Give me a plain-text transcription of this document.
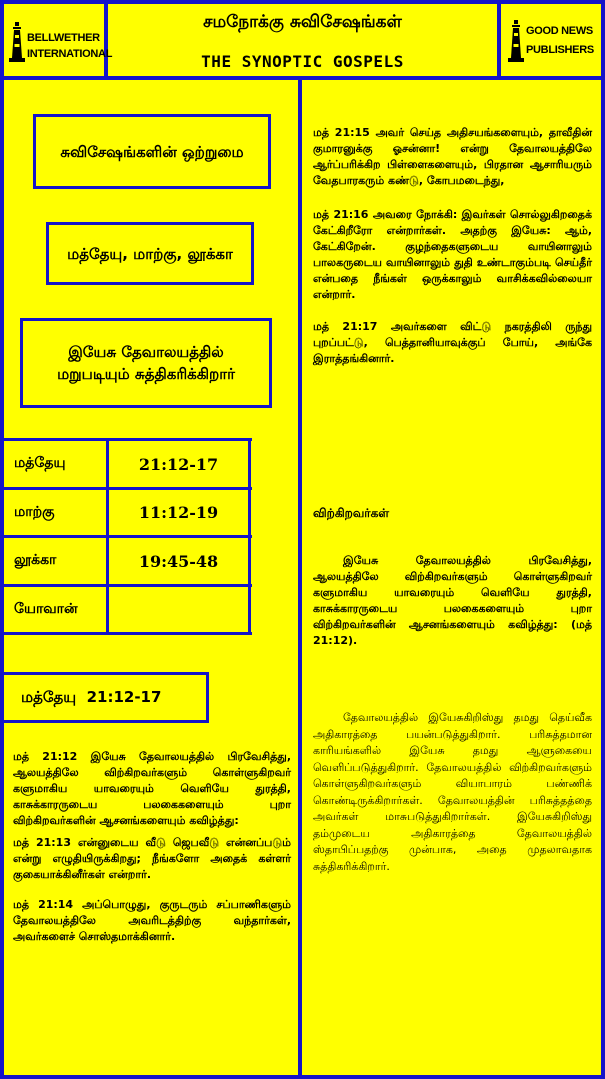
BELLWETHER
INTERNATIONAL
சமநோக்கு சுவிசேஷங்கள்
THE SYNOPTIC GOSPELS
GOOD NEWS
PUBLISHERS
சுவிசேஷங்களின் ஒற்றுமை
மத்தேயு, மாற்கு, லூக்கா
இயேசு தேவாலயத்தில் மறுபடியும் சுத்திகரிக்கிறார்
மத்தேயு	21:12-17
மாற்கு	11:12-19
லூக்கா	19:45-48
யோவான்
மத்தேயு  21:12-17

மத் 21:12 இயேசு தேவாலயத்தில் பிரவேசித்து, ஆலயத்திலே விற்கிறவர்களும் கொள்ளுகிறவர் களுமாகிய யாவரையும் வெளியே துரத்தி, காசுக்காரருடைய பலகைகளையும் புறா விற்கிறவர்களின் ஆசனங்களையும் கவிழ்த்து:

மத் 21:13 என்னுடைய வீடு ஜெபவீடு என்னப்படும் என்று எழுதியிருக்கிறது; நீங்களோ அதைக் கள்ளர் குகையாக்கினீர்கள் என்றார்.

மத் 21:14 அப்பொழுது, குருடரும் சப்பாணிகளும் தேவாலயத்திலே அவரிடத்திற்கு வந்தார்கள், அவர்களைச் சொஸ்தமாக்கினார்.

மத் 21:15 அவர் செய்த அதிசயங்களையும், தாவீதின் குமாரனுக்கு ஓசன்னா! என்று தேவாலயத்திலே ஆர்ப்பரிக்கிற பிள்ளைகளையும், பிரதான ஆசாரியரும் வேதபாரகரும் கண்டு, கோபமடைந்து,

மத் 21:16 அவரை நோக்கி: இவர்கள் சொல்லுகிறதைக் கேட்கிறீரோ என்றார்கள். அதற்கு இயேசு: ஆம், கேட்கிறேன். குழந்தைகளுடைய வாயினாலும் பாலகருடைய வாயினாலும் துதி உண்டாகும்படி செய்தீர் என்பதை நீங்கள் ஒருக்காலும் வாசிக்கவில்லையா என்றார்.

மத் 21:17 அவர்களை விட்டு நகரத்திலி ருந்து புறப்பட்டு, பெத்தானியாவுக்குப் போய், அங்கே இராத்தங்கினார்.

விற்கிறவர்கள்

இயேசு தேவாலயத்தில் பிரவேசித்து, ஆலயத்திலே விற்கிறவர்களும் கொள்ளுகிறவர் களுமாகிய யாவரையும் வெளியே துரத்தி, காசுக்காரருடைய பலகைகளையும் புறா விற்கிறவர்களின் ஆசனங்களையும் கவிழ்த்து: (மத் 21:12).

தேவாலயத்தில் இயேசுகிறிஸ்து தமது தெய்வீக அதிகாரத்தை பயன்படுத்துகிறார். பரிசுத்தமான காரியங்களில் இயேசு தமது ஆளுகையை வெளிப்படுத்துகிறார். தேவாலயத்தில் விற்கிறவர்களும் கொள்ளுகிறவர்களும் வியாபாரம் பண்ணிக் கொண்டிருக்கிறார்கள். தேவாலயத்தின் பரிசுத்தத்தை அவர்கள் மாசுபடுத்துகிறார்கள். இயேசுகிறிஸ்து தம்முடைய அதிகாரத்தை தேவாலயத்தில் ஸ்தாபிப்பதற்கு முன்பாக, அதை முதலாவதாக சுத்திகரிக்கிறார்.
